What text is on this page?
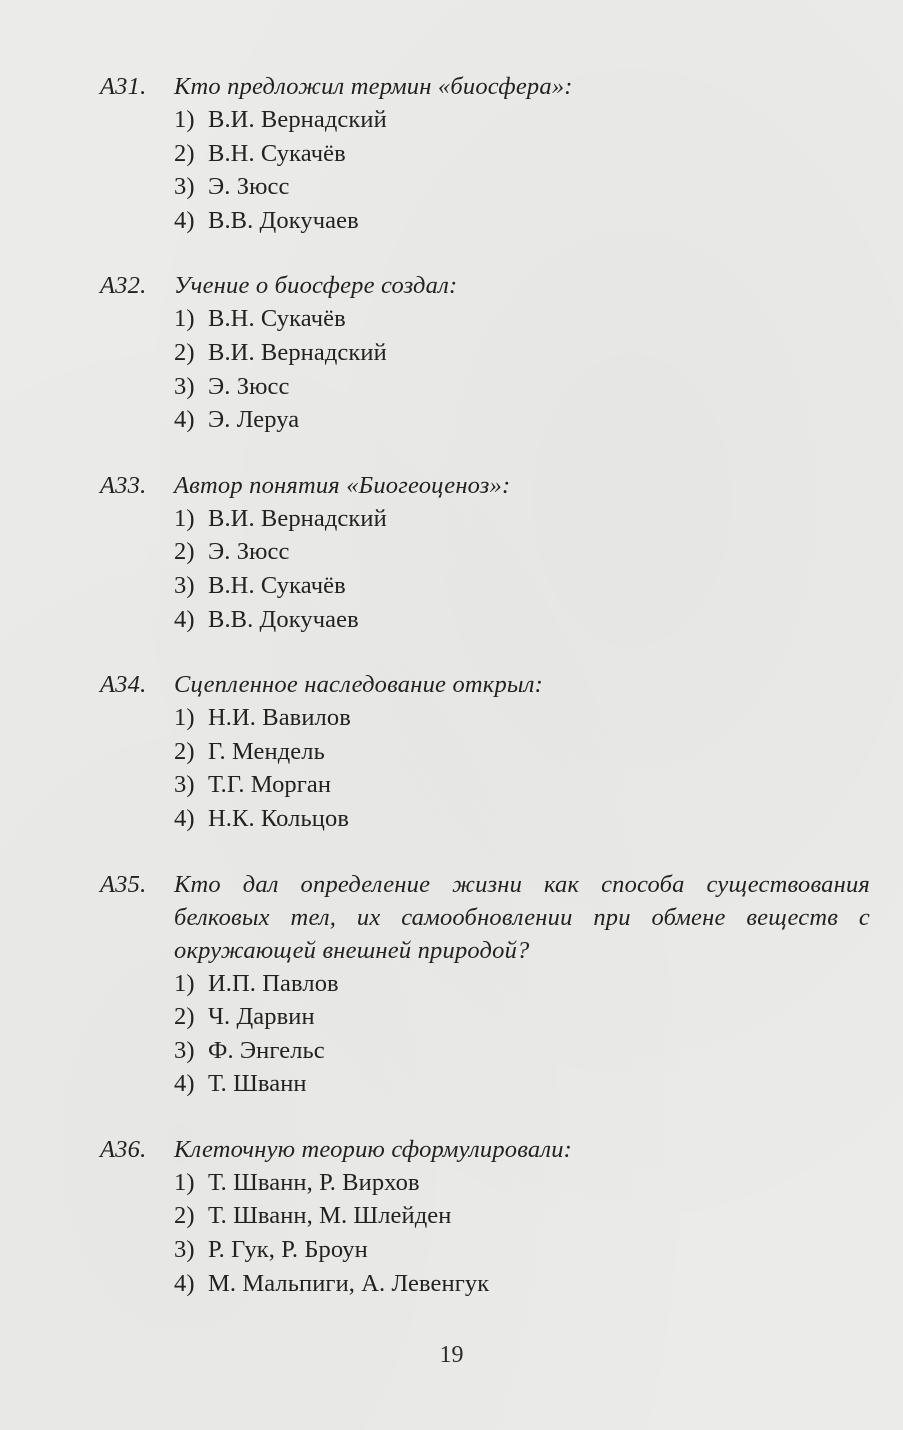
А31.	Кто предложил термин «биосфера»:
1) В.И. Вернадский
2) В.Н. Сукачёв
3) Э. Зюсс
4) В.В. Докучаев
А32.	Учение о биосфере создал:
1) В.Н. Сукачёв
2) В.И. Вернадский
3) Э. Зюсс
4) Э. Леруа
А33.	Автор понятия «Биогеоценоз»:
1) В.И. Вернадский
2) Э. Зюсс
3) В.Н. Сукачёв
4) В.В. Докучаев
А34.	Сцепленное наследование открыл:
1) Н.И. Вавилов
2) Г. Мендель
3) Т.Г. Морган
4) Н.К. Кольцов
А35.	Кто дал определение жизни как способа существования белковых тел, их самообновлении при обмене веществ с окружающей внешней природой?
1) И.П. Павлов
2) Ч. Дарвин
3) Ф. Энгельс
4) Т. Шванн
А36.	Клеточную теорию сформулировали:
1) Т. Шванн, Р. Вирхов
2) Т. Шванн, М. Шлейден
3) Р. Гук, Р. Броун
4) М. Мальпиги, А. Левенгук
19
